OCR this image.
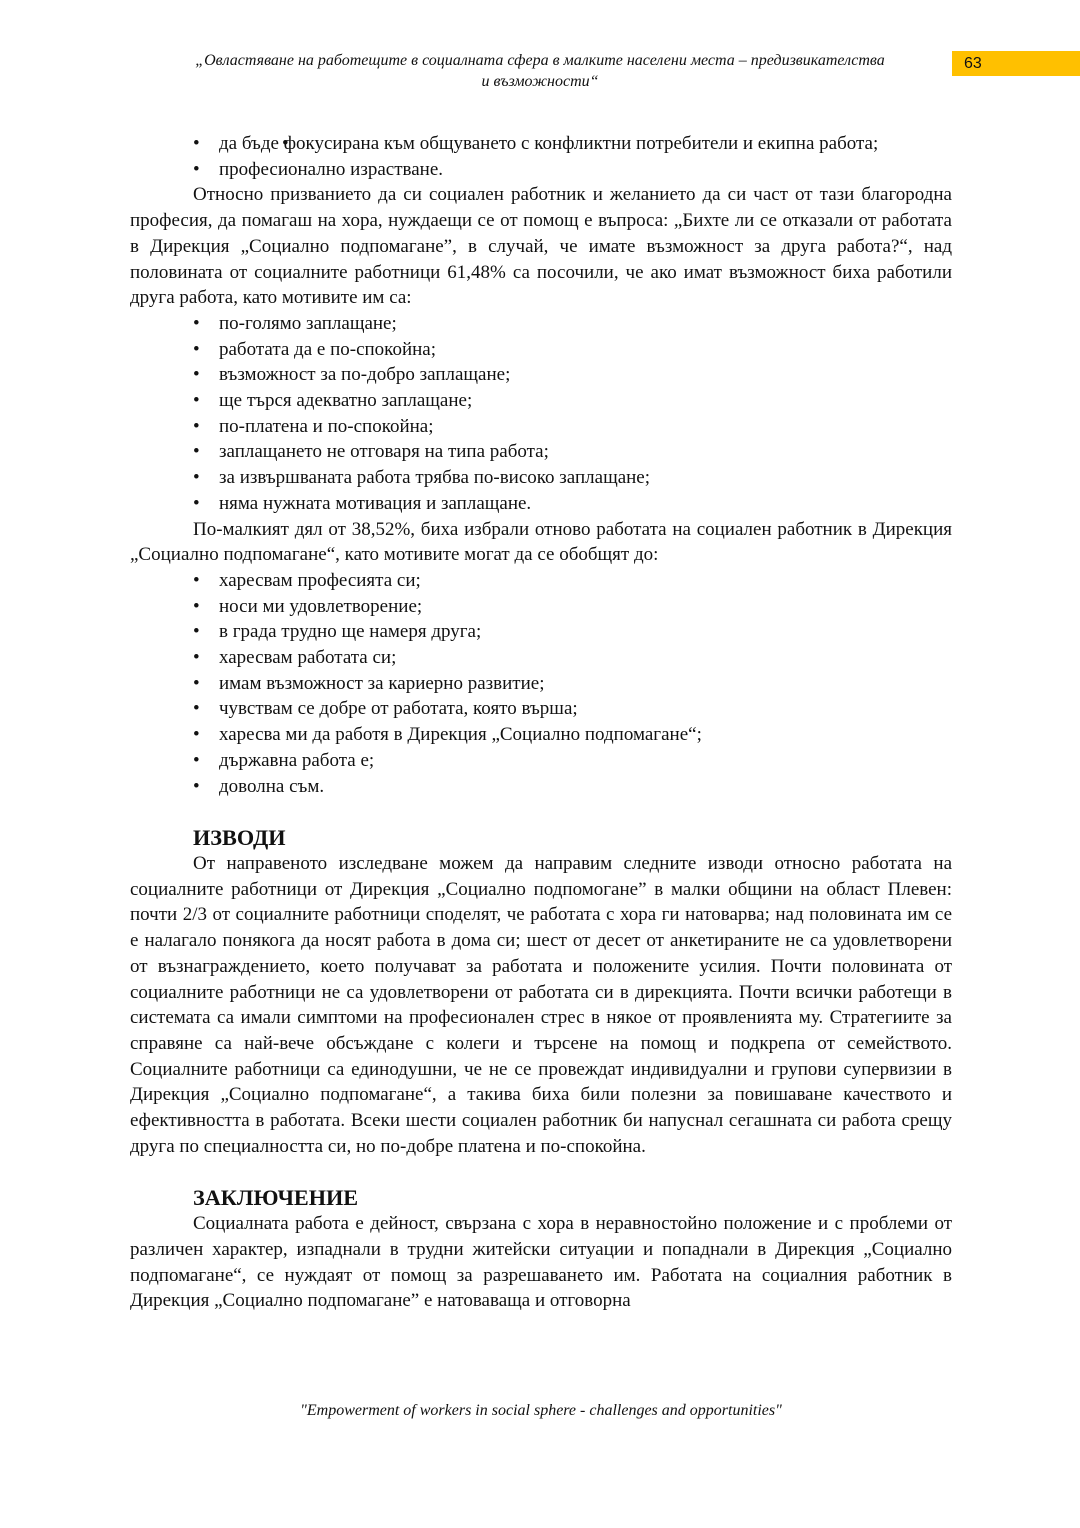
„Овластяване на работещите в социалната сфера в малките населени места – предизвикателства
и възможности“
63
• • да бъде фокусирана към общуването с конфликтни потребители и екипна работа;
• професионално израстване.

Относно призванието да си социален работник и желанието да си част от тази благородна професия, да помагаш на хора, нуждаещи се от помощ е въпроса: „Бихте ли се отказали от работата в Дирекция „Социално подпомагане”, в случай, че имате възможност за друга работа?“, над половината от социалните работници 61,48% са посочили, че ако имат възможност биха работили друга работа, като мотивите им са:

• по-голямо заплащане;
• работата да е по-спокойна;
• възможност за по-добро заплащане;
• ще търся адекватно заплащане;
• по-платена и по-спокойна;
• заплащането не отговаря на типа работа;
• за извършваната работа трябва по-високо заплащане;
• няма нужната мотивация и заплащане.

По-малкият дял от 38,52%, биха избрали отново работата на социален работник в Дирекция „Социално подпомагане“, като мотивите могат да се обобщят до:

• харесвам професията си;
• носи ми удовлетворение;
• в града трудно ще намеря друга;
• харесвам работата си;
• имам възможност за кариерно развитие;
• чувствам се добре от работата, която върша;
• харесва ми да работя в Дирекция „Социално подпомагане“;
• държавна работа е;
• доволна съм.
ИЗВОДИ

От направеното изследване можем да направим следните изводи относно работата на социалните работници от Дирекция „Социално подпомогане” в малки общини на област Плевен: почти 2/3 от социалните работници споделят, че работата с хора ги натоварва; над половината им се е налагало понякога да носят работа в дома си; шест от десет от анкетираните не са удовлетворени от възнаграждението, което получават за работата и положените усилия. Почти половината от социалните работници не са удовлетворени от работата си в дирекцията. Почти всички работещи в системата са имали симптоми на професионален стрес в някое от проявленията му. Стратегиите за справяне са най-вече обсъждане с колеги и търсене на помощ и подкрепа от семейството. Социалните работници са единодушни, че не се провеждат индивидуални и групови супервизии в Дирекция „Социално подпомагане“, а такива биха били полезни за повишаване качеството и ефективността в работата. Всеки шести социален работник би напуснал сегашната си работа срещу друга по специалността си, но по-добре платена и по-спокойна.

ЗАКЛЮЧЕНИЕ

Социалната работа е дейност, свързана с хора в неравностойно положение и с проблеми от различен характер, изпаднали в трудни житейски ситуации и попаднали в Дирекция „Социално подпомагане“, се нуждаят от помощ за разрешаването им. Работата на социалния работник в Дирекция „Социално подпомагане” е натоваваща и отговорна

"Empowerment of workers in social sphere - challenges and opportunities"
